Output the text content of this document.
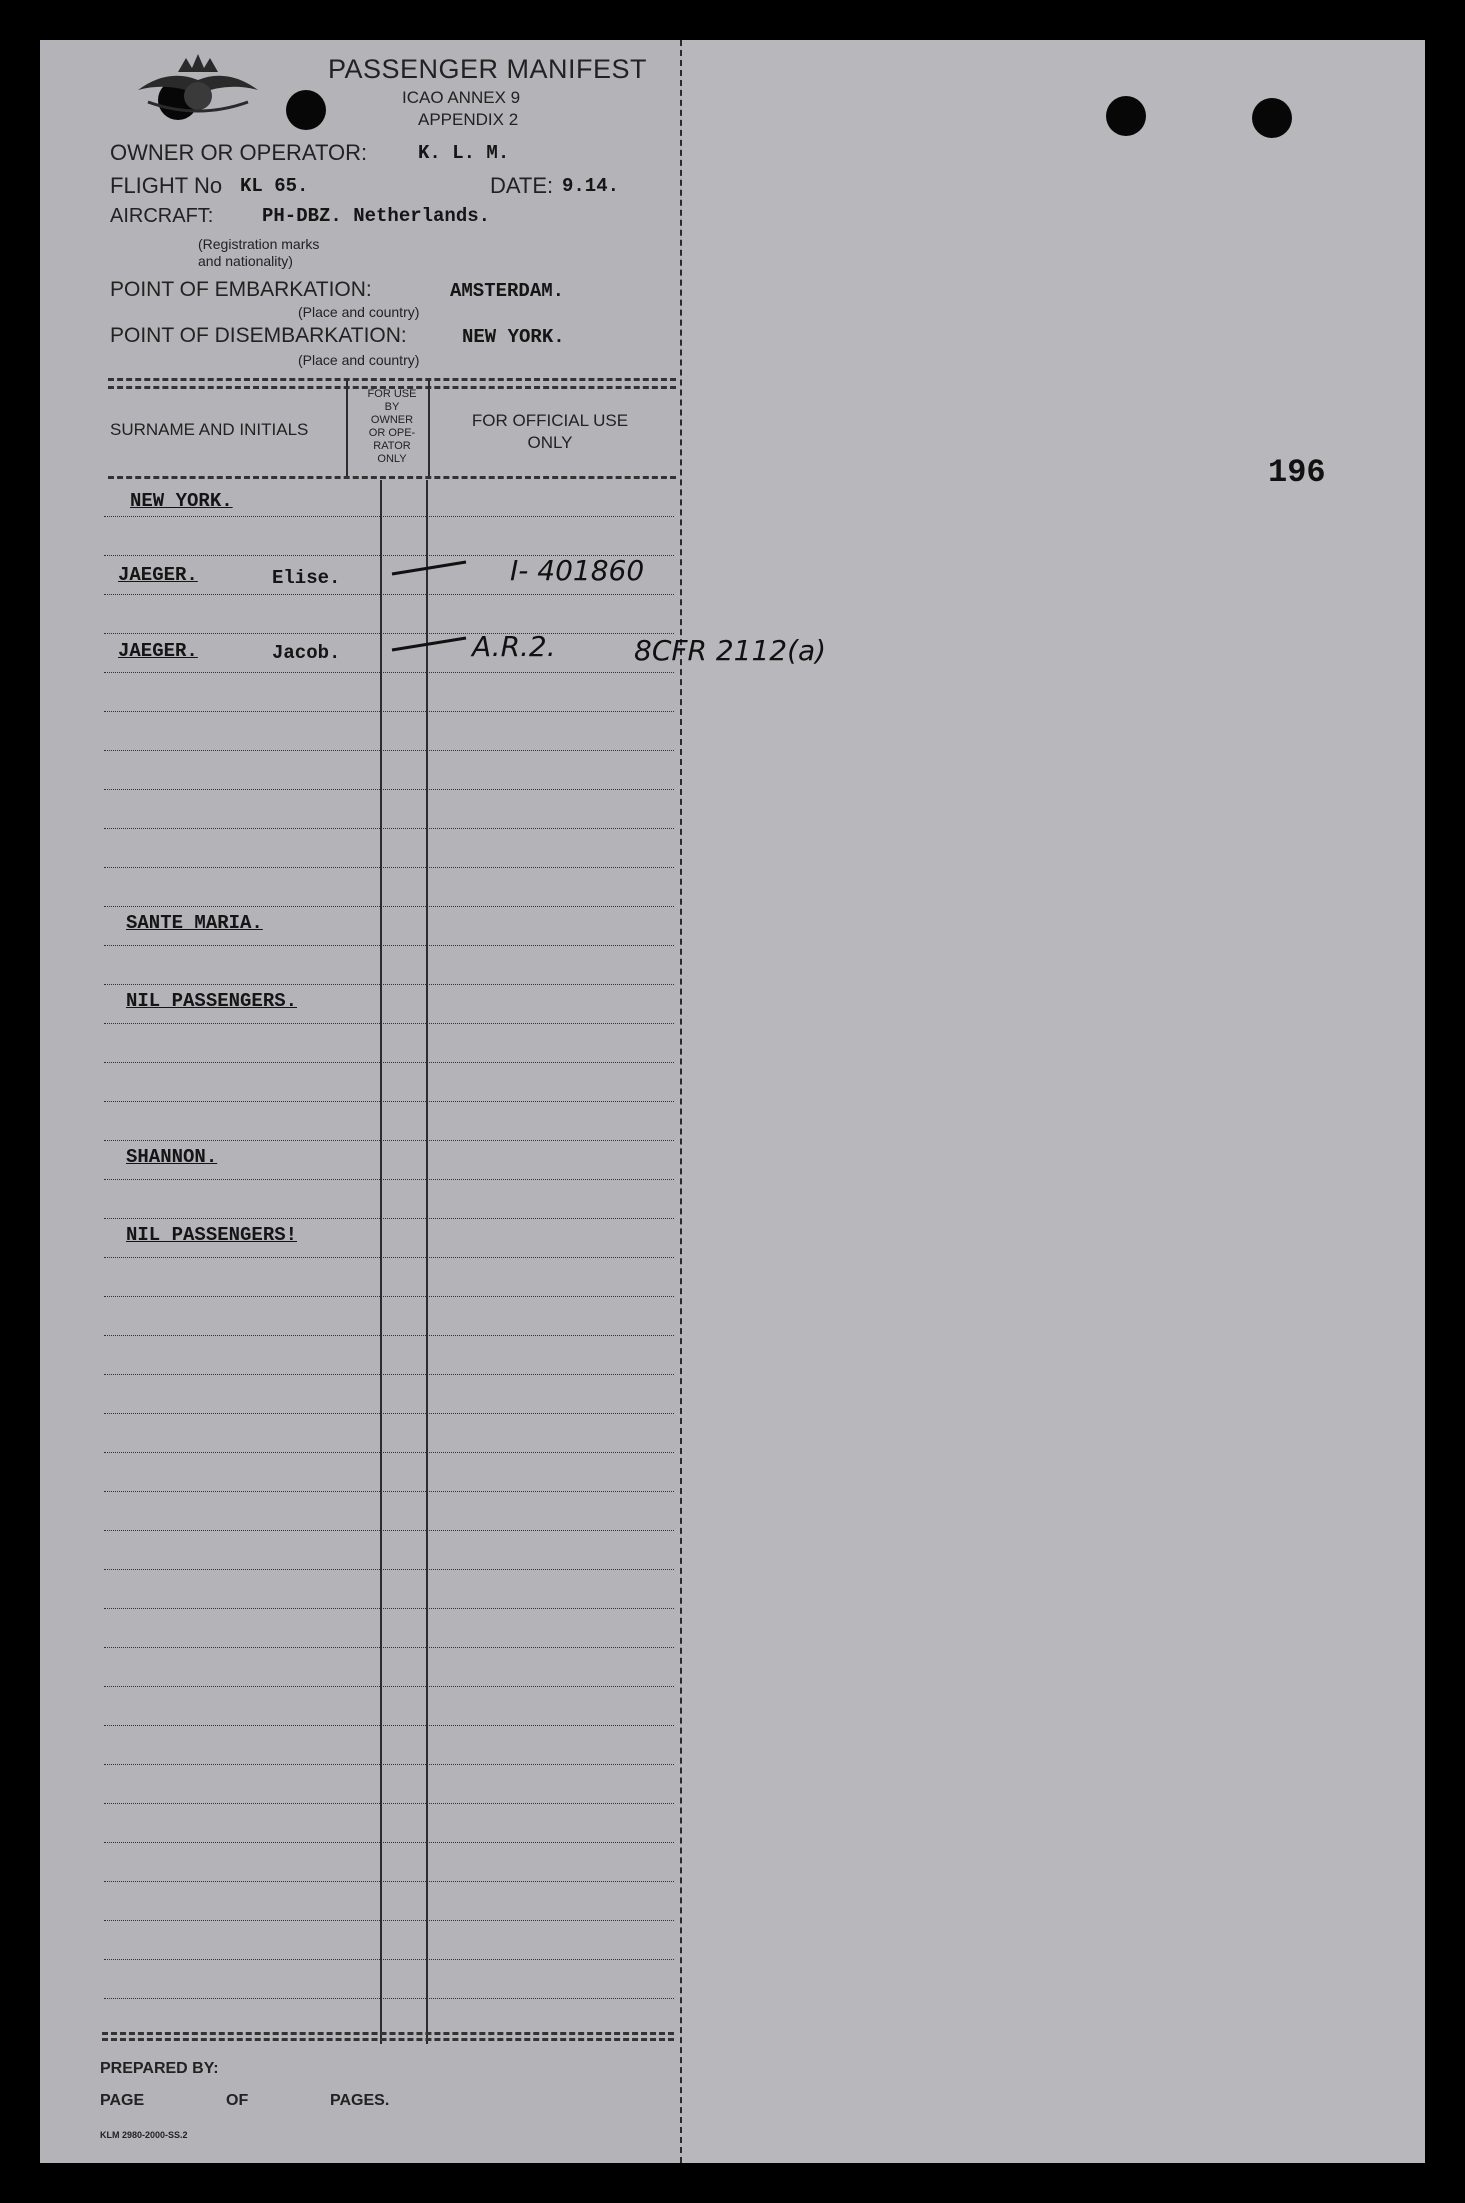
PASSENGER MANIFEST
ICAO ANNEX 9
APPENDIX 2
OWNER OR OPERATOR:	K. L. M.
FLIGHT No KL 65.	DATE: 9.14.
AIRCRAFT:	PH-DBZ. Netherlands.
(Registration marks
and nationality)
POINT OF EMBARKATION:	AMSTERDAM.
(Place and country)
POINT OF DISEMBARKATION:	NEW YORK.
(Place and country)
SURNAME AND INITIALS
FOR USE
BY
OWNER
OR OPE-
RATOR
ONLY
FOR OFFICIAL USE
ONLY
NEW YORK.
JAEGER.	Elise.	I- 401860
JAEGER.	Jacob.	A.R.2.	8CFR 2112(a)
SANTE MARIA.
NIL PASSENGERS.
SHANNON.
NIL PASSENGERS!
PREPARED BY:
PAGE	OF	PAGES.
KLM 2980-2000-SS.2
196
